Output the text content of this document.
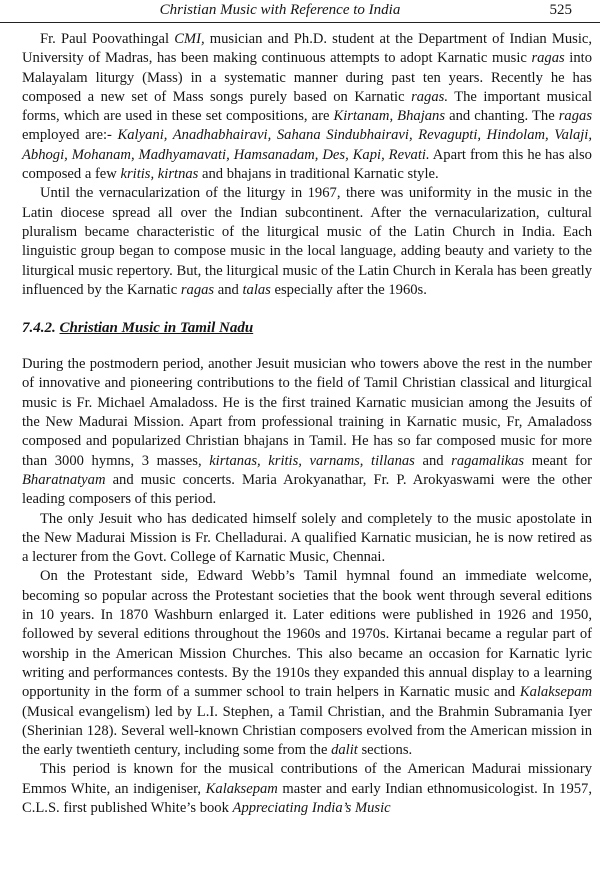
Christian Music with Reference to India	525

Fr. Paul Poovathingal CMI, musician and Ph.D. student at the Department of Indian Music, University of Madras, has been making continuous attempts to adopt Karnatic music ragas into Malayalam liturgy (Mass) in a systematic manner during past ten years. Recently he has composed a new set of Mass songs purely based on Karnatic ragas. The important musical forms, which are used in these set compositions, are Kirtanam, Bhajans and chanting. The ragas employed are:- Kalyani, Anadhabhairavi, Sahana Sindubhairavi, Revagupti, Hindolam, Valaji, Abhogi, Mohanam, Madhyamavati, Hamsanadam, Des, Kapi, Revati. Apart from this he has also composed a few kritis, kirtnas and bhajans in traditional Karnatic style.

Until the vernacularization of the liturgy in 1967, there was uniformity in the music in the Latin diocese spread all over the Indian subcontinent. After the vernacularization, cultural pluralism became characteristic of the liturgical music of the Latin Church in India. Each linguistic group began to compose music in the local language, adding beauty and variety to the liturgical music repertory. But, the liturgical music of the Latin Church in Kerala has been greatly influenced by the Karnatic ragas and talas especially after the 1960s.

7.4.2. Christian Music in Tamil Nadu

During the postmodern period, another Jesuit musician who towers above the rest in the number of innovative and pioneering contributions to the field of Tamil Christian classical and liturgical music is Fr. Michael Amaladoss. He is the first trained Karnatic musician among the Jesuits of the New Madurai Mission. Apart from professional training in Karnatic music, Fr, Amaladoss composed and popularized Christian bhajans in Tamil. He has so far composed music for more than 3000 hymns, 3 masses, kirtanas, kritis, varnams, tillanas and ragamalikas meant for Bharatnatyam and music concerts. Maria Arokyanathar, Fr. P. Arokyaswami were the other leading composers of this period.

The only Jesuit who has dedicated himself solely and completely to the music apostolate in the New Madurai Mission is Fr. Chelladurai. A qualified Karnatic musician, he is now retired as a lecturer from the Govt. College of Karnatic Music, Chennai.

On the Protestant side, Edward Webb’s Tamil hymnal found an immediate welcome, becoming so popular across the Protestant societies that the book went through several editions in 10 years. In 1870 Washburn enlarged it. Later editions were published in 1926 and 1950, followed by several editions throughout the 1960s and 1970s. Kirtanai became a regular part of worship in the American Mission Churches. This also became an occasion for Karnatic lyric writing and performances contests. By the 1910s they expanded this annual display to a learning opportunity in the form of a summer school to train helpers in Karnatic music and Kalaksepam (Musical evangelism) led by L.I. Stephen, a Tamil Christian, and the Brahmin Subramania Iyer (Sherinian 128). Several well-known Christian composers evolved from the American mission in the early twentieth century, including some from the dalit sections.

This period is known for the musical contributions of the American Madurai missionary Emmos White, an indigeniser, Kalaksepam master and early Indian ethnomusicologist. In 1957, C.L.S. first published White’s book Appreciating India’s Music
